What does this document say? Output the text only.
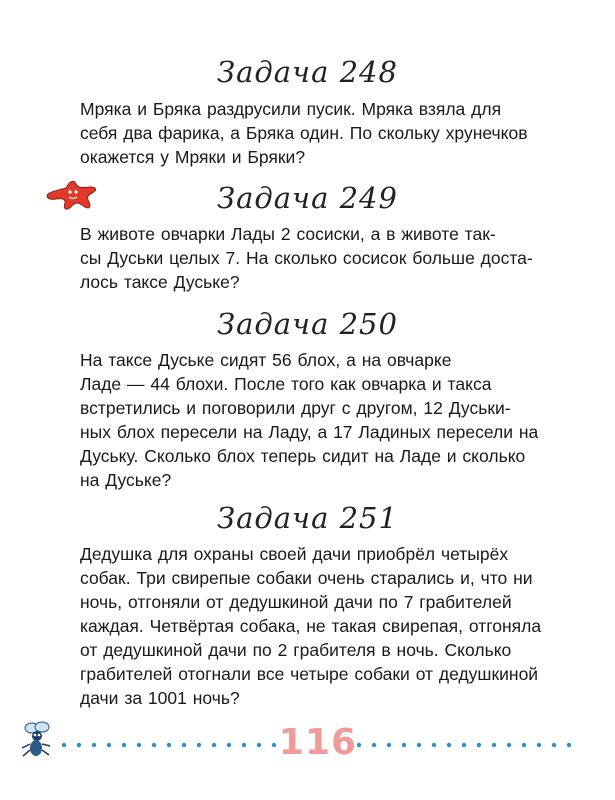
Задача 248
Мряка и Бряка раздрусили пусик. Мряка взяла для
себя два фарика, а Бряка один. По скольку хрунечков
окажется у Мряки и Бряки?
Задача 249
В животе овчарки Лады 2 сосиски, а в животе так-
сы Дуськи целых 7. На сколько сосисок больше доста-
лось таксе Дуське?
Задача 250
На таксе Дуське сидят 56 блох, а на овчарке
Ладе — 44 блохи. После того как овчарка и такса
встретились и поговорили друг с другом, 12 Дуськи-
ных блох пересели на Ладу, а 17 Ладиных пересели на
Дуську. Сколько блох теперь сидит на Ладе и сколько
на Дуське?
Задача 251
Дедушка для охраны своей дачи приобрёл четырёх
собак. Три свирепые собаки очень старались и, что ни
ночь, отгоняли от дедушкиной дачи по 7 грабителей
каждая. Четвёртая собака, не такая свирепая, отгоняла
от дедушкиной дачи по 2 грабителя в ночь. Сколько
грабителей отогнали все четыре собаки от дедушкиной
дачи за 1001 ночь?
116
